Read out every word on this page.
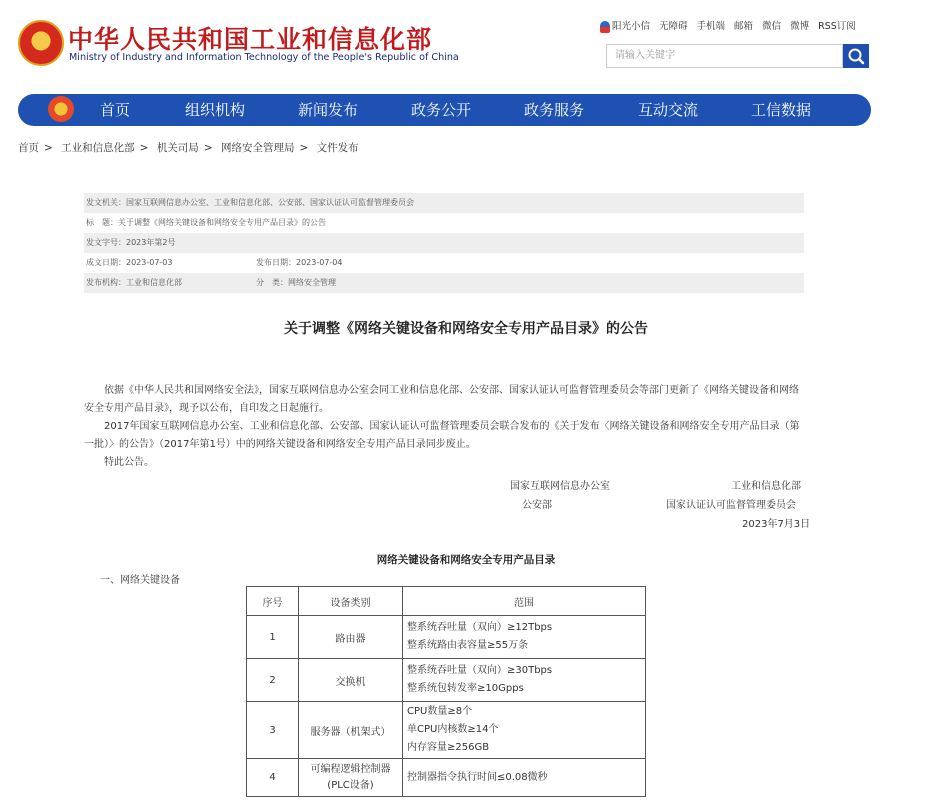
中华人民共和国工业和信息化部
Ministry of Industry and Information Technology of the People's Republic of China
阳光小信 无障碍 手机端 邮箱 微信 微博 RSS订阅
请输入关键字
首页	组织机构	新闻发布	政务公开	政务服务	互动交流	工信数据
首页 > 工业和信息化部 > 机关司局 > 网络安全管理局 > 文件发布
发文机关：国家互联网信息办公室、工业和信息化部、公安部、国家认证认可监督管理委员会
标　题：关于调整《网络关键设备和网络安全专用产品目录》的公告
发文字号：2023年第2号
成文日期：2023-07-03	发布日期：2023-07-04
发布机构：工业和信息化部	分　类：网络安全管理
关于调整《网络关键设备和网络安全专用产品目录》的公告
依据《中华人民共和国网络安全法》，国家互联网信息办公室会同工业和信息化部、公安部、国家认证认可监督管理委员会等部门更新了《网络关键设备和网络安全专用产品目录》，现予以公布，自印发之日起施行。
2017年国家互联网信息办公室、工业和信息化部、公安部、国家认证认可监督管理委员会联合发布的《关于发布〈网络关键设备和网络安全专用产品目录（第一批）〉的公告》（2017年第1号）中的网络关键设备和网络安全专用产品目录同步废止。
特此公告。
国家互联网信息办公室	工业和信息化部
公安部	国家认证认可监督管理委员会
2023年7月3日
网络关键设备和网络安全专用产品目录
一、网络关键设备
序号	设备类别	范围
1	路由器	整系统吞吐量（双向）≥12Tbps
整系统路由表容量≥55万条

2	交换机	整系统吞吐量（双向）≥30Tbps
整系统包转发率≥10Gpps

3	服务器（机架式）	CPU数量≥8个
单CPU内核数≥14个
内存容量≥256GB

4	可编程逻辑控制器(PLC设备)	控制器指令执行时间≤0.08微秒
